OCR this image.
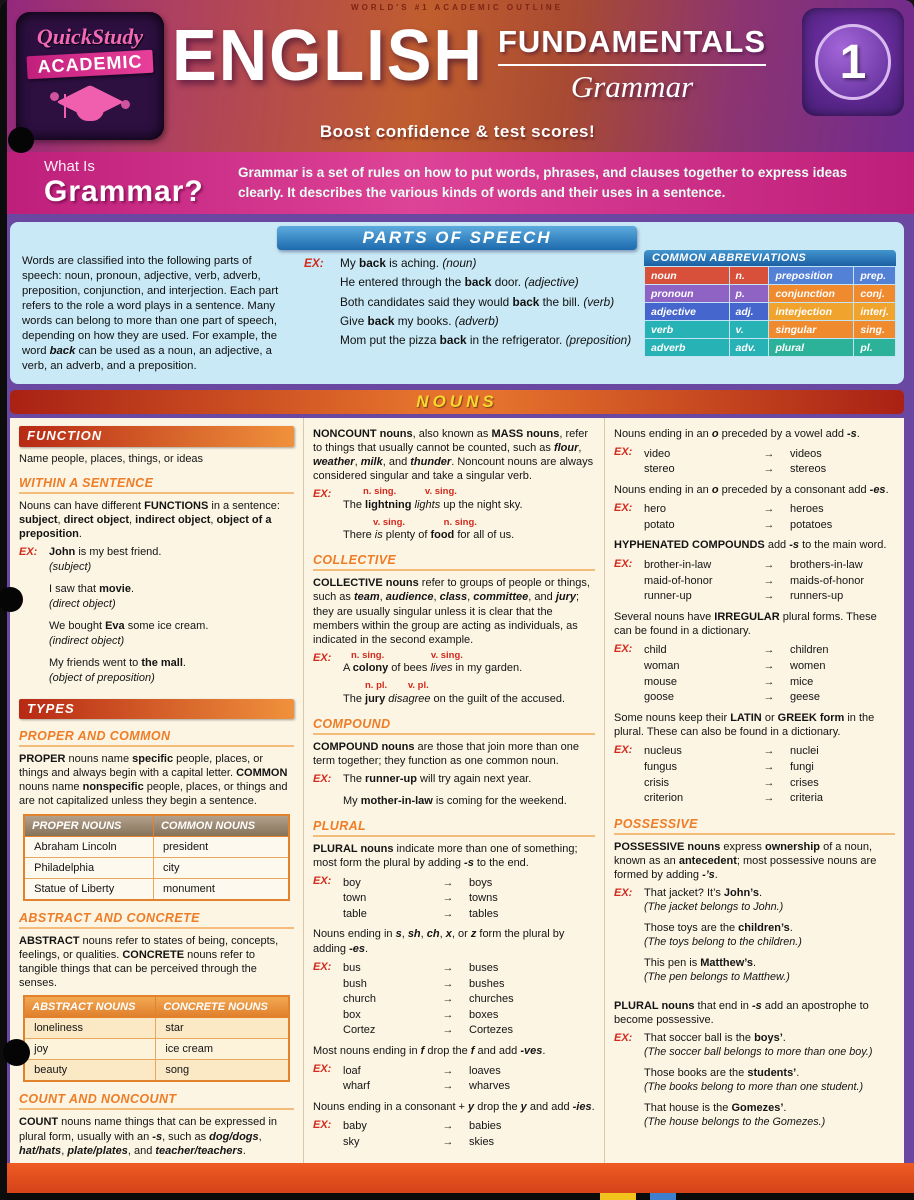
WORLD'S #1 ACADEMIC OUTLINE
QuickStudy
ACADEMIC ENGLISH FUNDAMENTALS
Grammar	1
Boost confidence & test scores!
What Is
Grammar?
Grammar is a set of rules on how to put words, phrases, and clauses together to express ideas clearly. It describes the various kinds of words and their uses in a sentence.
PARTS OF SPEECH
Words are classified into the following parts of speech: noun, pronoun, adjective, verb, adverb, preposition, conjunction, and interjection. Each part refers to the role a word plays in a sentence. Many words can belong to more than one part of speech, depending on how they are used. For example, the word back can be used as a noun, an adjective, a verb, an adverb, and a preposition.
EX:	My back is aching. (noun)
He entered through the back door. (adjective)
Both candidates said they would back the bill. (verb)
Give back my books. (adverb)
Mom put the pizza back in the refrigerator. (preposition)
COMMON ABBREVIATIONS
noun	n.	preposition	prep.
pronoun	p.	conjunction	conj.
adjective	adj.	interjection	interj.
verb	v.	singular	sing.
adverb	adv.	plural	pl.
NOUNS
FUNCTION
Name people, places, things, or ideas
WITHIN A SENTENCE
Nouns can have different FUNCTIONS in a sentence: subject, direct object, indirect object, object of a preposition.
EX:	John is my best friend.
(subject)
I saw that movie.
(direct object)
We bought Eva some ice cream.
(indirect object)
My friends went to the mall.
(object of preposition)
TYPES
PROPER AND COMMON
PROPER nouns name specific people, places, or things and always begin with a capital letter. COMMON nouns name nonspecific people, places, or things and are not capitalized unless they begin a sentence.
PROPER NOUNS	COMMON NOUNS
Abraham Lincoln	president
Philadelphia	city
Statue of Liberty	monument
ABSTRACT AND CONCRETE
ABSTRACT nouns refer to states of being, concepts, feelings, or qualities. CONCRETE nouns refer to tangible things that can be perceived through the senses.
ABSTRACT NOUNS	CONCRETE NOUNS
loneliness	star
joy	ice cream
beauty	song
COUNT AND NONCOUNT
COUNT nouns name things that can be expressed in plural form, usually with an -s, such as dog/dogs, hat/hats, plate/plates, and teacher/teachers.
NONCOUNT nouns, also known as MASS nouns, refer to things that usually cannot be counted, such as flour, weather, milk, and thunder. Noncount nouns are always considered singular and take a singular verb.
EX:	n. sing.	v. sing.
The lightning lights up the night sky.
v. sing.	n. sing.
There is plenty of food for all of us.
COLLECTIVE
COLLECTIVE nouns refer to groups of people or things, such as team, audience, class, committee, and jury; they are usually singular unless it is clear that the members within the group are acting as individuals, as indicated in the second example.
EX:	n. sing.	v. sing.
A colony of bees lives in my garden.
n. pl. v. pl.
The jury disagree on the guilt of the accused.
COMPOUND
COMPOUND nouns are those that join more than one term together; they function as one common noun.
EX:	The runner-up will try again next year.
My mother-in-law is coming for the weekend.
PLURAL
PLURAL nouns indicate more than one of something; most form the plural by adding -s to the end.
EX:	boy	→	boys
town	→	towns
table	→	tables
Nouns ending in s, sh, ch, x, or z form the plural by adding -es.
EX:	bus	→	buses
bush	→	bushes
church	→	churches
box	→	boxes
Cortez	→	Cortezes
Most nouns ending in f drop the f and add -ves.
EX:	loaf	→	loaves
wharf	→	wharves
Nouns ending in a consonant + y drop the y and add -ies.
EX:	baby	→	babies
sky	→	skies
Nouns ending in an o preceded by a vowel add -s.
EX:	video	→	videos
stereo	→	stereos
Nouns ending in an o preceded by a consonant add -es.
EX:	hero	→	heroes
potato	→	potatoes
HYPHENATED COMPOUNDS add -s to the main word.
EX:	brother-in-law	→	brothers-in-law
maid-of-honor	→	maids-of-honor
runner-up	→	runners-up
Several nouns have IRREGULAR plural forms. These can be found in a dictionary.
EX:	child	→	children
woman	→	women
mouse	→	mice
goose	→	geese
Some nouns keep their LATIN or GREEK form in the plural. These can also be found in a dictionary.
EX:	nucleus	→	nuclei
fungus	→	fungi
crisis	→	crises
criterion	→	criteria
POSSESSIVE
POSSESSIVE nouns express ownership of a noun, known as an antecedent; most possessive nouns are formed by adding -’s.
EX:	That jacket? It’s John’s.
(The jacket belongs to John.)
Those toys are the children’s.
(The toys belong to the children.)
This pen is Matthew’s.
(The pen belongs to Matthew.)
PLURAL nouns that end in -s add an apostrophe to become possessive.
EX:	That soccer ball is the boys’.
(The soccer ball belongs to more than one boy.)
Those books are the students’.
(The books belong to more than one student.)
That house is the Gomezes’.
(The house belongs to the Gomezes.)
